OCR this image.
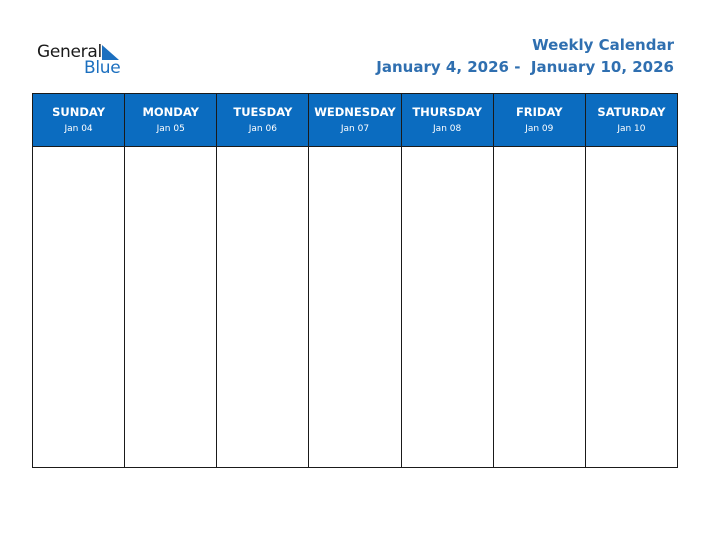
General
Blue
Weekly Calendar
January 4, 2026 -  January 10, 2026
SUNDAY
Jan 04
MONDAY
Jan 05
TUESDAY
Jan 06
WEDNESDAY
Jan 07
THURSDAY
Jan 08
FRIDAY
Jan 09
SATURDAY
Jan 10
